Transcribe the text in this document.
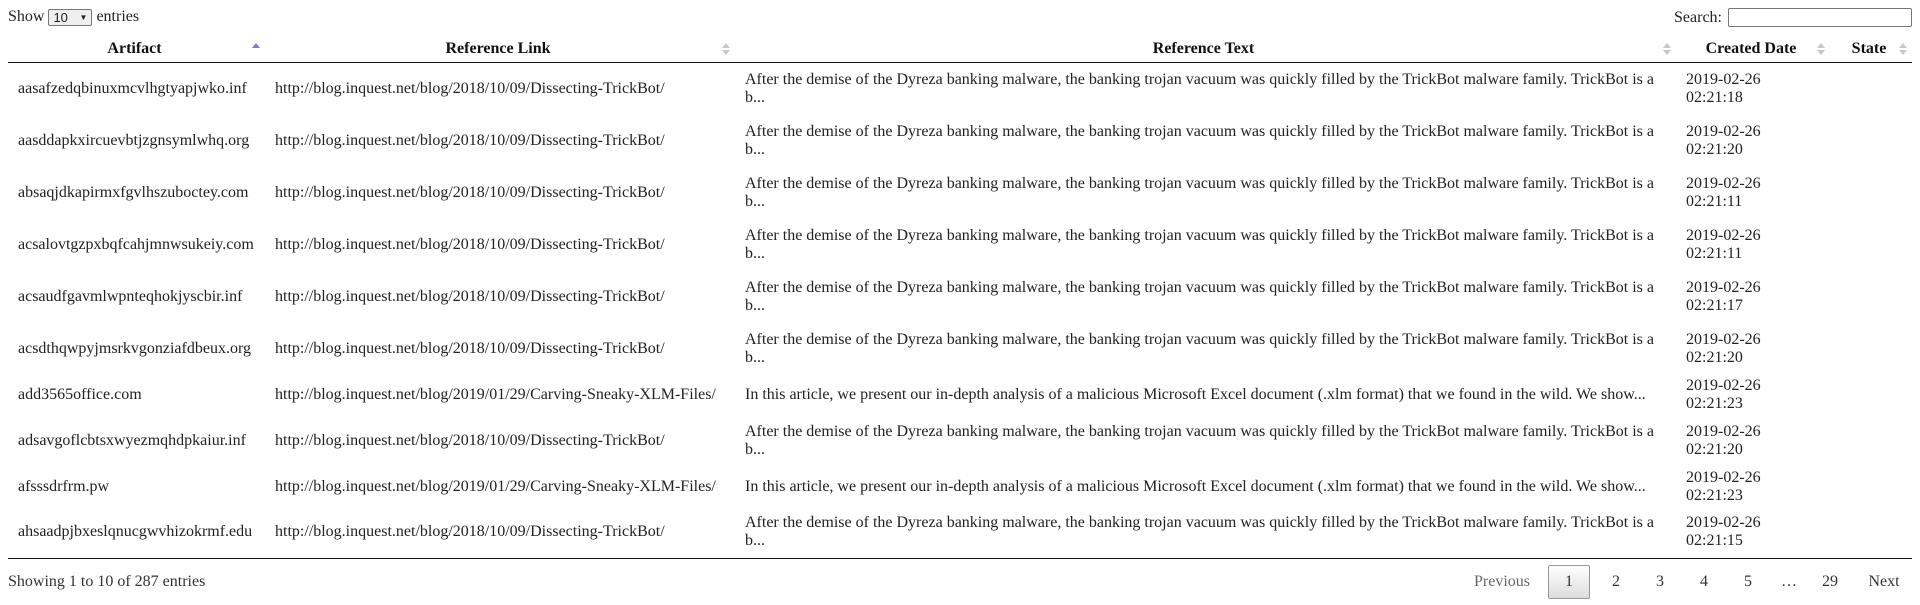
Show 10 ▼ entries	Search:
Artifact	Reference Link	Reference Text	Created Date	State

aasafzedqbinuxmcvlhgtyapjwko.inf	http://blog.inquest.net/blog/2018/10/09/Dissecting-TrickBot/	After the demise of the Dyreza banking malware, the banking trojan vacuum was quickly filled by the TrickBot malware family. TrickBot is a b...	2019-02-26 02:21:18	
aasddapkxircuevbtjzgnsymlwhq.org	http://blog.inquest.net/blog/2018/10/09/Dissecting-TrickBot/	After the demise of the Dyreza banking malware, the banking trojan vacuum was quickly filled by the TrickBot malware family. TrickBot is a b...	2019-02-26 02:21:20	
absaqjdkapirmxfgvlhszuboctey.com	http://blog.inquest.net/blog/2018/10/09/Dissecting-TrickBot/	After the demise of the Dyreza banking malware, the banking trojan vacuum was quickly filled by the TrickBot malware family. TrickBot is a b...	2019-02-26 02:21:11	
acsalovtgzpxbqfcahjmnwsukeiy.com	http://blog.inquest.net/blog/2018/10/09/Dissecting-TrickBot/	After the demise of the Dyreza banking malware, the banking trojan vacuum was quickly filled by the TrickBot malware family. TrickBot is a b...	2019-02-26 02:21:11	
acsaudfgavmlwpnteqhokjyscbir.inf	http://blog.inquest.net/blog/2018/10/09/Dissecting-TrickBot/	After the demise of the Dyreza banking malware, the banking trojan vacuum was quickly filled by the TrickBot malware family. TrickBot is a b...	2019-02-26 02:21:17	
acsdthqwpyjmsrkvgonziafdbeux.org	http://blog.inquest.net/blog/2018/10/09/Dissecting-TrickBot/	After the demise of the Dyreza banking malware, the banking trojan vacuum was quickly filled by the TrickBot malware family. TrickBot is a b...	2019-02-26 02:21:20	
add3565office.com	http://blog.inquest.net/blog/2019/01/29/Carving-Sneaky-XLM-Files/	In this article, we present our in-depth analysis of a malicious Microsoft Excel document (.xlm format) that we found in the wild. We show...	2019-02-26 02:21:23	
adsavgoflcbtsxwyezmqhdpkaiur.inf	http://blog.inquest.net/blog/2018/10/09/Dissecting-TrickBot/	After the demise of the Dyreza banking malware, the banking trojan vacuum was quickly filled by the TrickBot malware family. TrickBot is a b...	2019-02-26 02:21:20	
afsssdrfrm.pw	http://blog.inquest.net/blog/2019/01/29/Carving-Sneaky-XLM-Files/	In this article, we present our in-depth analysis of a malicious Microsoft Excel document (.xlm format) that we found in the wild. We show...	2019-02-26 02:21:23	
ahsaadpjbxeslqnucgwvhizokrmf.edu	http://blog.inquest.net/blog/2018/10/09/Dissecting-TrickBot/	After the demise of the Dyreza banking malware, the banking trojan vacuum was quickly filled by the TrickBot malware family. TrickBot is a b...	2019-02-26 02:21:15	
Showing 1 to 10 of 287 entries	Previous	1	2	3	4	5	…	29	Next
